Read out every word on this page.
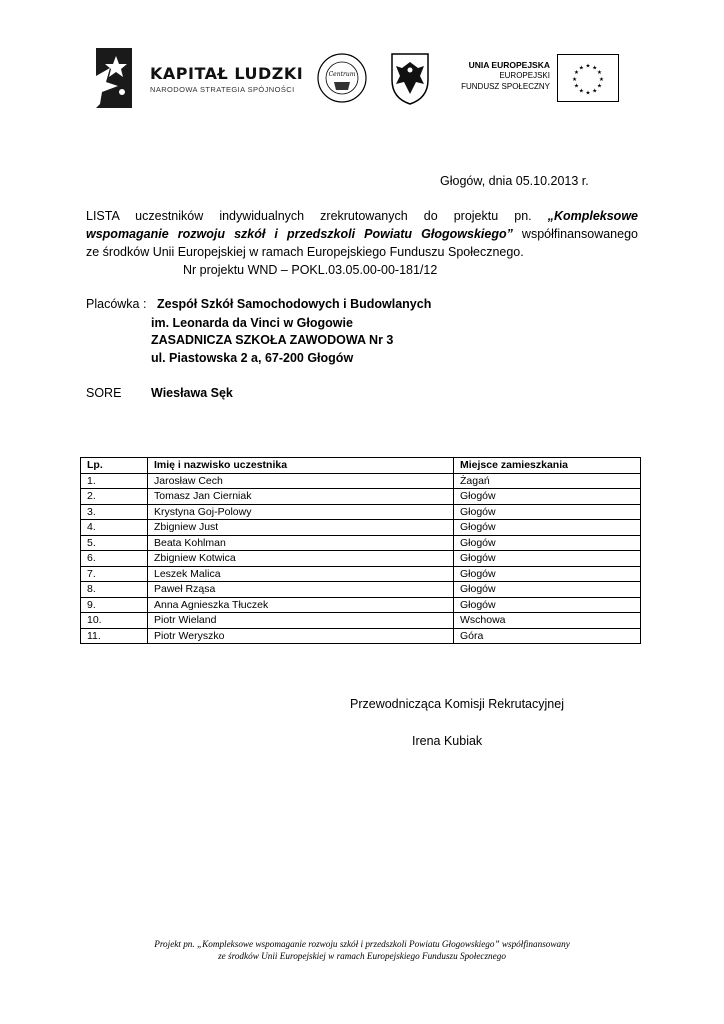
KAPITAŁ LUDZKI
NARODOWA STRATEGIA SPÓJNOŚCI
Centrum
UNIA EUROPEJSKA
EUROPEJSKI
FUNDUSZ SPOŁECZNY
★ ★
★
★
★
★
★
★
★
★
★
★
Głogów, dnia 05.10.2013 r.
LISTA uczestników indywidualnych zrekrutowanych do projektu pn. „Kompleksowe
wspomaganie rozwoju szkół i przedszkoli Powiatu Głogowskiego” współfinansowanego
ze środków Unii Europejskiej w ramach Europejskiego Funduszu Społecznego.
Nr projektu WND – POKL.03.05.00-00-181/12
Placówka : Zespół Szkół Samochodowych i Budowlanych
im. Leonarda da Vinci w Głogowie
ZASADNICZA SZKOŁA ZAWODOWA Nr 3
ul. Piastowska 2 a, 67-200 Głogów
SORE Wiesława Sęk
Lp.	Imię i nazwisko uczestnika	Miejsce zamieszkania
1.	Jarosław Cech	Żagań
2.	Tomasz Jan Cierniak	Głogów
3.	Krystyna Goj-Polowy	Głogów
4.	Zbigniew Just	Głogów
5.	Beata Kohlman	Głogów
6.	Zbigniew Kotwica	Głogów
7.	Leszek Malica	Głogów
8.	Paweł Rząsa	Głogów
9.	Anna Agnieszka Tłuczek	Głogów
10.	Piotr Wieland	Wschowa
11.	Piotr Weryszko	Góra
Przewodnicząca Komisji Rekrutacyjnej
Irena Kubiak
Projekt pn. „Kompleksowe wspomaganie rozwoju szkół i przedszkoli Powiatu Głogowskiego” współfinansowany
ze środków Unii Europejskiej w ramach Europejskiego Funduszu Społecznego
